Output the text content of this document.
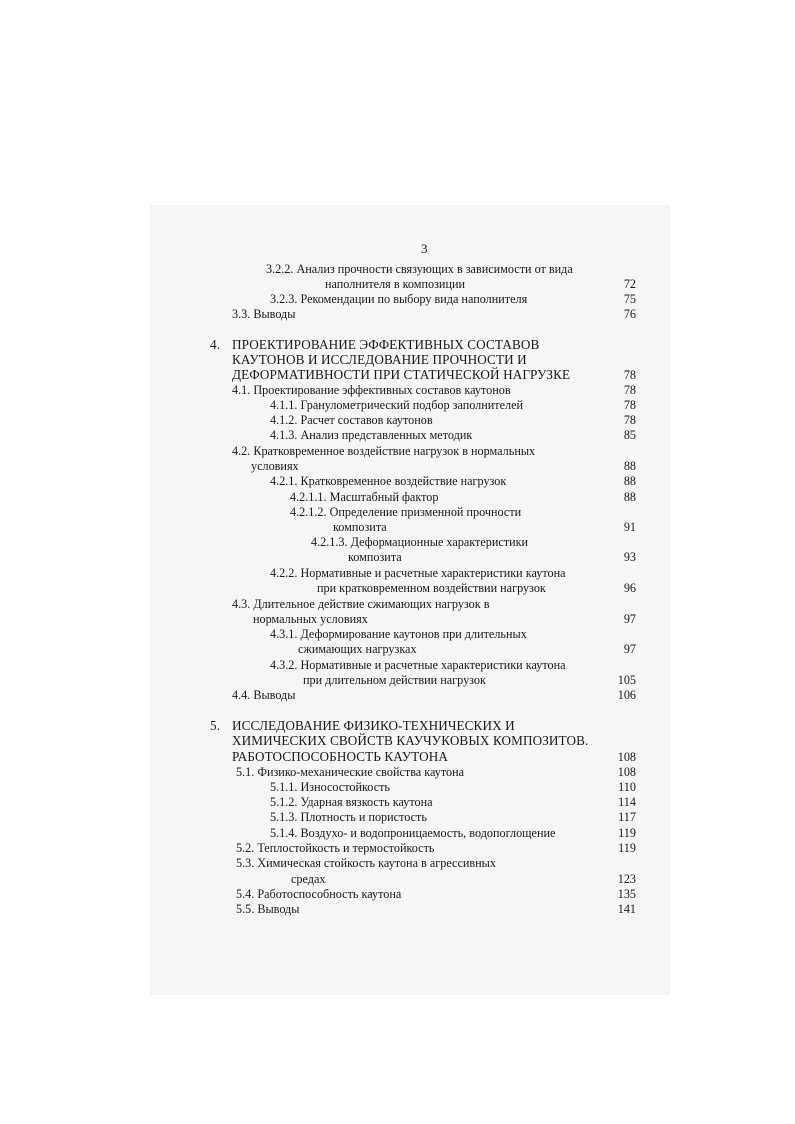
3
3.2.2. Анализ прочности связующих в зависимости от вида
наполнителя в композиции	72
3.2.3. Рекомендации по выбору вида наполнителя	75
3.3. Выводы	76
4. ПРОЕКТИРОВАНИЕ ЭФФЕКТИВНЫХ СОСТАВОВ
КАУТОНОВ И ИССЛЕДОВАНИЕ ПРОЧНОСТИ И
ДЕФОРМАТИВНОСТИ ПРИ СТАТИЧЕСКОЙ НАГРУЗКЕ	78
4.1. Проектирование эффективных составов каутонов	78
4.1.1. Гранулометрический подбор заполнителей	78
4.1.2. Расчет составов каутонов	78
4.1.3. Анализ представленных методик	85
4.2. Кратковременное воздействие нагрузок в нормальных
условиях	88
4.2.1. Кратковременное воздействие нагрузок	88
4.2.1.1. Масштабный фактор	88
4.2.1.2. Определение призменной прочности
композита	91
4.2.1.3. Деформационные характеристики
композита	93
4.2.2. Нормативные и расчетные характеристики каутона
при кратковременном воздействии нагрузок	96
4.3. Длительное действие сжимающих нагрузок в
нормальных условиях	97
4.3.1. Деформирование каутонов при длительных
сжимающих нагрузках	97
4.3.2. Нормативные и расчетные характеристики каутона
при длительном действии нагрузок	105
4.4. Выводы	106
5. ИССЛЕДОВАНИЕ ФИЗИКО-ТЕХНИЧЕСКИХ И
ХИМИЧЕСКИХ СВОЙСТВ КАУЧУКОВЫХ КОМПОЗИТОВ.
РАБОТОСПОСОБНОСТЬ КАУТОНА	108
5.1. Физико-механические свойства каутона	108
5.1.1. Износостойкость	110
5.1.2. Ударная вязкость каутона	114
5.1.3. Плотность и пористость	117
5.1.4. Воздухо- и водопроницаемость, водопоглощение	119
5.2. Теплостойкость и термостойкость	119
5.3. Химическая стойкость каутона в агрессивных
средах	123
5.4. Работоспособность каутона	135
5.5. Выводы	141
